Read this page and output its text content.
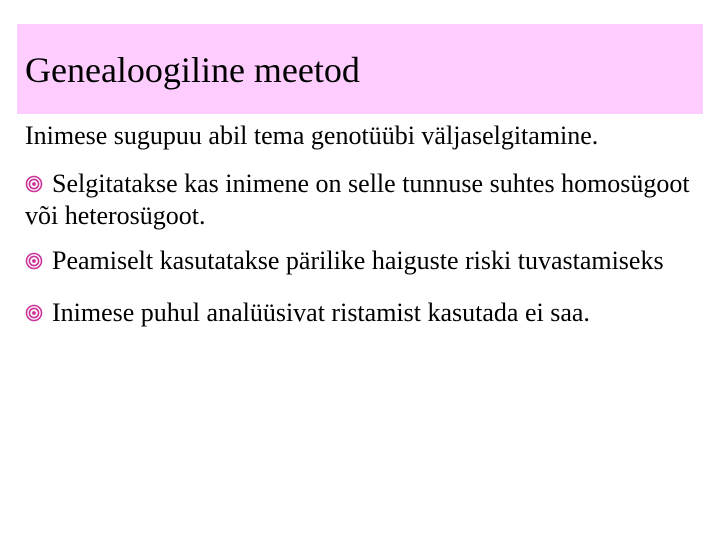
Genealoogiline meetod

Inimese sugupuu abil tema genotüübi väljaselgitamine.

Selgitatakse kas inimene on selle tunnuse suhtes homosügoot või heterosügoot.

Peamiselt kasutatakse pärilike haiguste riski tuvastamiseks

Inimese puhul analüüsivat ristamist kasutada ei saa.
